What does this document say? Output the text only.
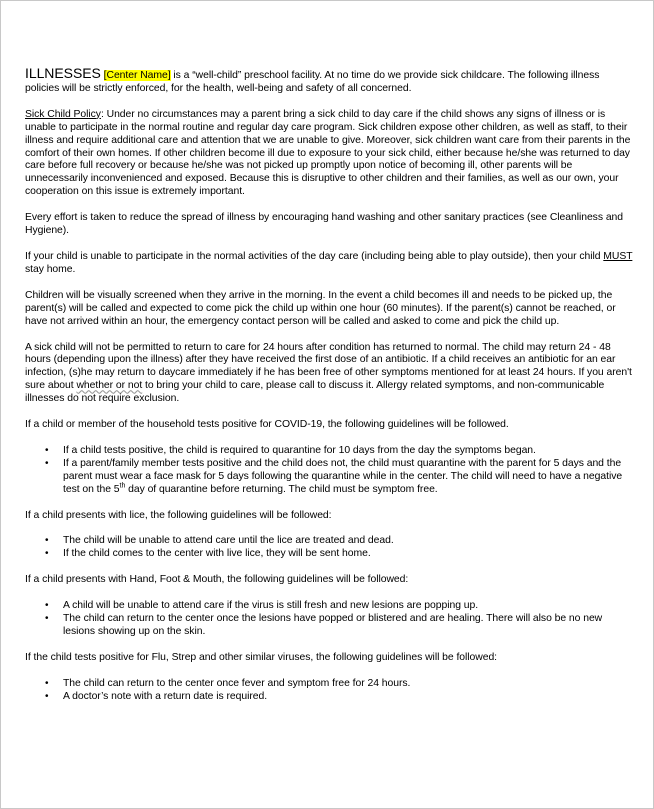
ILLNESSES [Center Name] is a “well-child” preschool facility. At no time do we provide sick childcare. The following illness policies will be strictly enforced, for the health, well-being and safety of all concerned.

Sick Child Policy: Under no circumstances may a parent bring a sick child to day care if the child shows any signs of illness or is unable to participate in the normal routine and regular day care program. Sick children expose other children, as well as staff, to their illness and require additional care and attention that we are unable to give. Moreover, sick children want care from their parents in the comfort of their own homes. If other children become ill due to exposure to your sick child, either because he/she was returned to day care before full recovery or because he/she was not picked up promptly upon notice of becoming ill, other parents will be unnecessarily inconvenienced and exposed. Because this is disruptive to other children and their families, as well as our own, your cooperation on this issue is extremely important.

Every effort is taken to reduce the spread of illness by encouraging hand washing and other sanitary practices (see Cleanliness and Hygiene).

If your child is unable to participate in the normal activities of the day care (including being able to play outside), then your child MUST stay home.

Children will be visually screened when they arrive in the morning. In the event a child becomes ill and needs to be picked up, the parent(s) will be called and expected to come pick the child up within one hour (60 minutes). If the parent(s) cannot be reached, or have not arrived within an hour, the emergency contact person will be called and asked to come and pick the child up.

A sick child will not be permitted to return to care for 24 hours after condition has returned to normal. The child may return 24 - 48 hours (depending upon the illness) after they have received the first dose of an antibiotic. If a child receives an antibiotic for an ear infection, (s)he may return to daycare immediately if he has been free of other symptoms mentioned for at least 24 hours. If you aren't sure about whether or not to bring your child to care, please call to discuss it. Allergy related symptoms, and non-communicable illnesses do not require exclusion.

If a child or member of the household tests positive for COVID-19, the following guidelines will be followed.

•	If a child tests positive, the child is required to quarantine for 10 days from the day the symptoms began.
•	If a parent/family member tests positive and the child does not, the child must quarantine with the parent for 5 days and the parent must wear a face mask for 5 days following the quarantine while in the center. The child will need to have a negative test on the 5th day of quarantine before returning. The child must be symptom free.

If a child presents with lice, the following guidelines will be followed:

•	The child will be unable to attend care until the lice are treated and dead.
•	If the child comes to the center with live lice, they will be sent home.

If a child presents with Hand, Foot & Mouth, the following guidelines will be followed:

•	A child will be unable to attend care if the virus is still fresh and new lesions are popping up.
•	The child can return to the center once the lesions have popped or blistered and are healing. There will also be no new lesions showing up on the skin.

If the child tests positive for Flu, Strep and other similar viruses, the following guidelines will be followed:

•	The child can return to the center once fever and symptom free for 24 hours.
•	A doctor’s note with a return date is required.
